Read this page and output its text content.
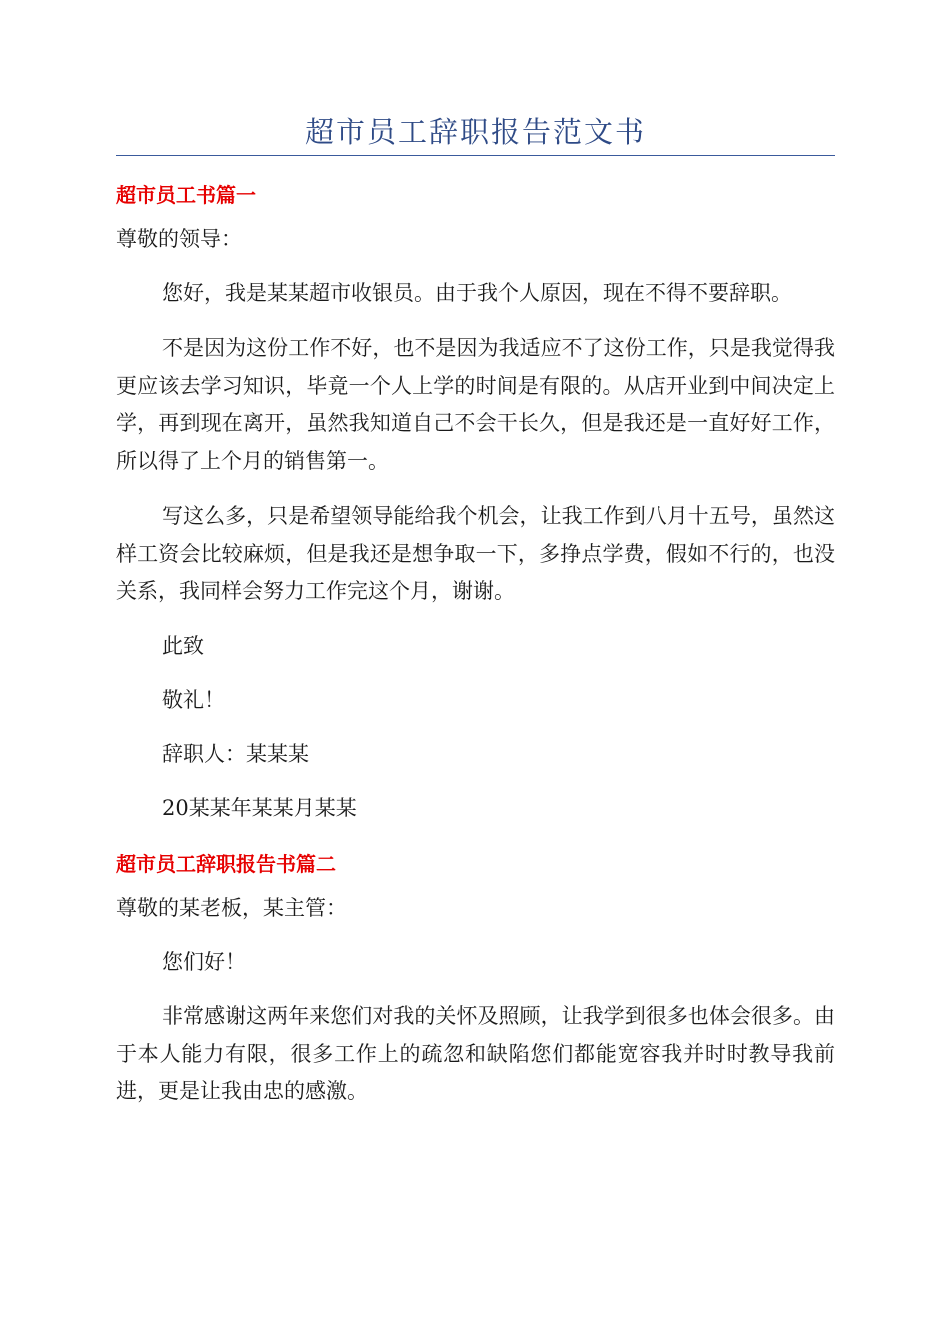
超市员工辞职报告范文书
超市员工书篇一
尊敬的领导：

您好，我是某某超市收银员。由于我个人原因，现在不得不要辞职。

不是因为这份工作不好，也不是因为我适应不了这份工作，只是我觉得我更应该去学习知识，毕竟一个人上学的时间是有限的。从店开业到中间决定上学，再到现在离开，虽然我知道自己不会干长久，但是我还是一直好好工作，所以得了上个月的销售第一。

写这么多，只是希望领导能给我个机会，让我工作到八月十五号，虽然这样工资会比较麻烦，但是我还是想争取一下，多挣点学费，假如不行的，也没关系，我同样会努力工作完这个月，谢谢。

此致
敬礼！
辞职人：某某某
20某某年某某月某某
超市员工辞职报告书篇二
尊敬的某老板，某主管：
您们好！

非常感谢这两年来您们对我的关怀及照顾，让我学到很多也体会很多。由于本人能力有限，很多工作上的疏忽和缺陷您们都能宽容我并时时教导我前进，更是让我由忠的感激。
